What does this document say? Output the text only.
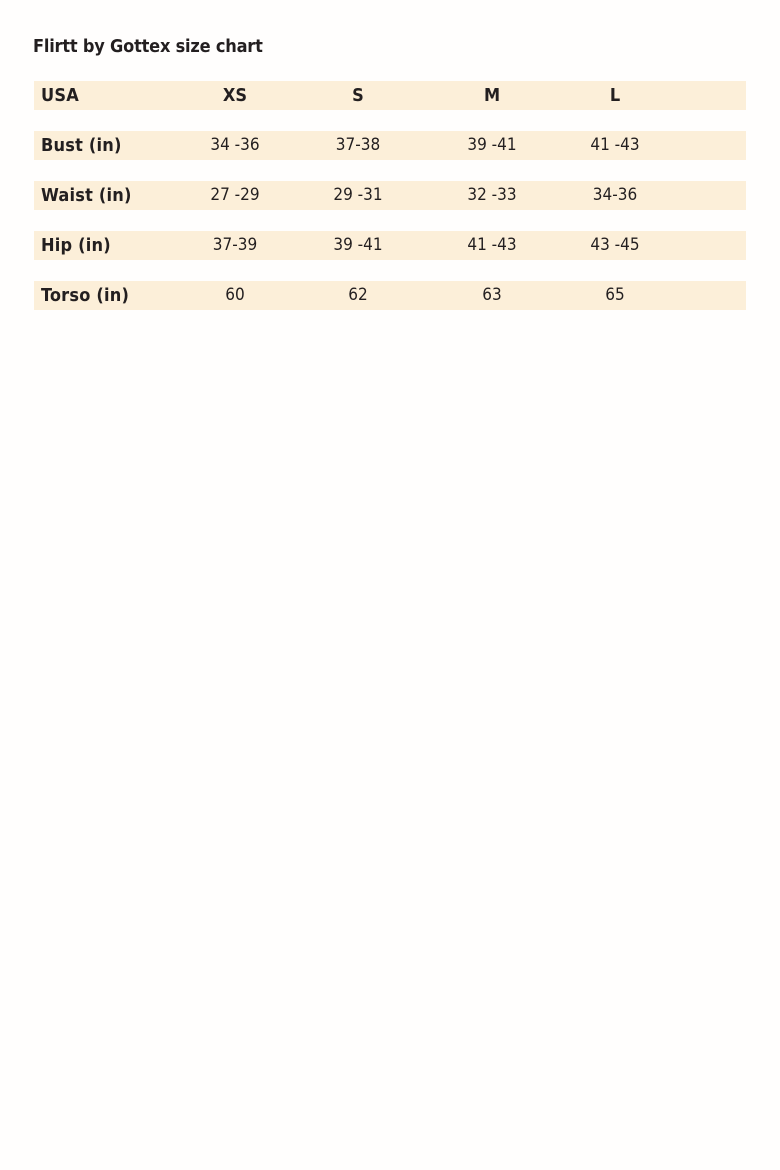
Flirtt by Gottex size chart
USA	XS	S	M	L
Bust (in)	34 -36	37-38	39 -41	41 -43
Waist (in)	27 -29	29 -31	32 -33	34-36
Hip (in)	37-39	39 -41	41 -43	43 -45
Torso (in)	60	62	63	65
